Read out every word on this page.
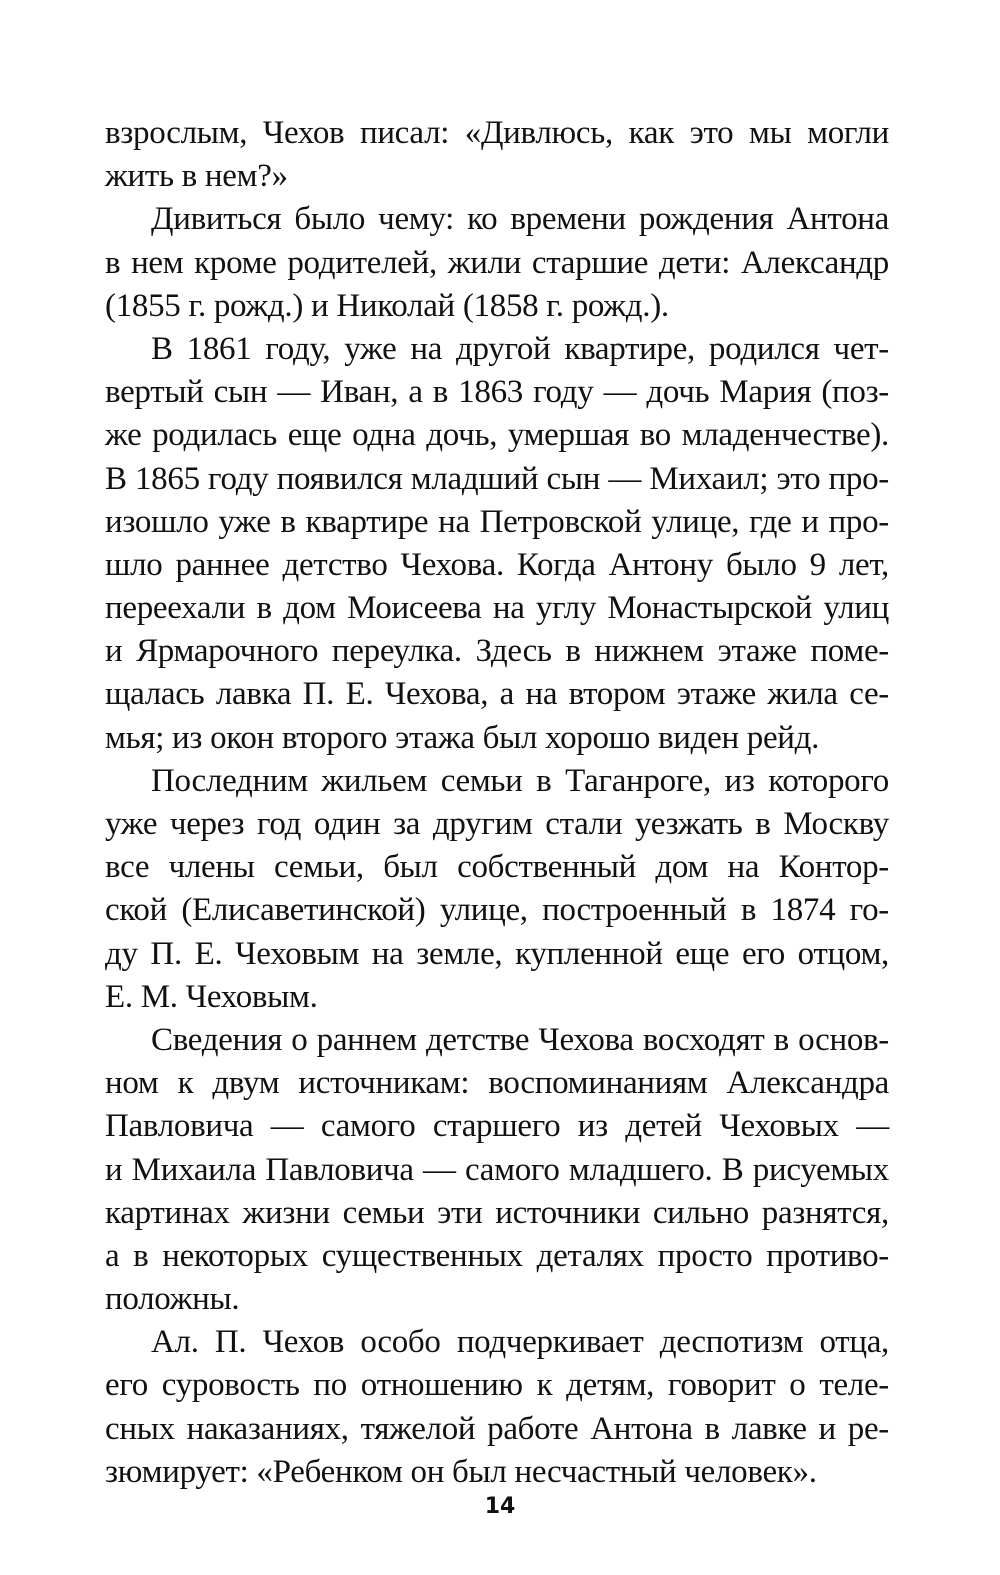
взрослым, Чехов писал: «Дивлюсь, как это мы могли
жить в нем?»
Дивиться было чему: ко времени рождения Антона
в нем кроме родителей, жили старшие дети: Александр
(1855 г. рожд.) и Николай (1858 г. рожд.).
В 1861 году, уже на другой квартире, родился чет-
вертый сын — Иван, а в 1863 году — дочь Мария (поз-
же родилась еще одна дочь, умершая во младенчестве).
В 1865 году появился младший сын — Михаил; это про-
изошло уже в квартире на Петровской улице, где и про-
шло раннее детство Чехова. Когда Антону было 9 лет,
переехали в дом Моисеева на углу Монастырской улиц
и Ярмарочного переулка. Здесь в нижнем этаже поме-
щалась лавка П. Е. Чехова, а на втором этаже жила се-
мья; из окон второго этажа был хорошо виден рейд.
Последним жильем семьи в Таганроге, из которого
уже через год один за другим стали уезжать в Москву
все члены семьи, был собственный дом на Контор-
ской (Елисаветинской) улице, построенный в 1874 го-
ду П. Е. Чеховым на земле, купленной еще его отцом,
Е. М. Чеховым.
Сведения о раннем детстве Чехова восходят в основ-
ном к двум источникам: воспоминаниям Александра
Павловича — самого старшего из детей Чеховых —
и Михаила Павловича — самого младшего. В рисуемых
картинах жизни семьи эти источники сильно разнятся,
а в некоторых существенных деталях просто противо-
положны.
Ал. П. Чехов особо подчеркивает деспотизм отца,
его суровость по отношению к детям, говорит о теле-
сных наказаниях, тяжелой работе Антона в лавке и ре-
зюмирует: «Ребенком он был несчастный человек».
14
